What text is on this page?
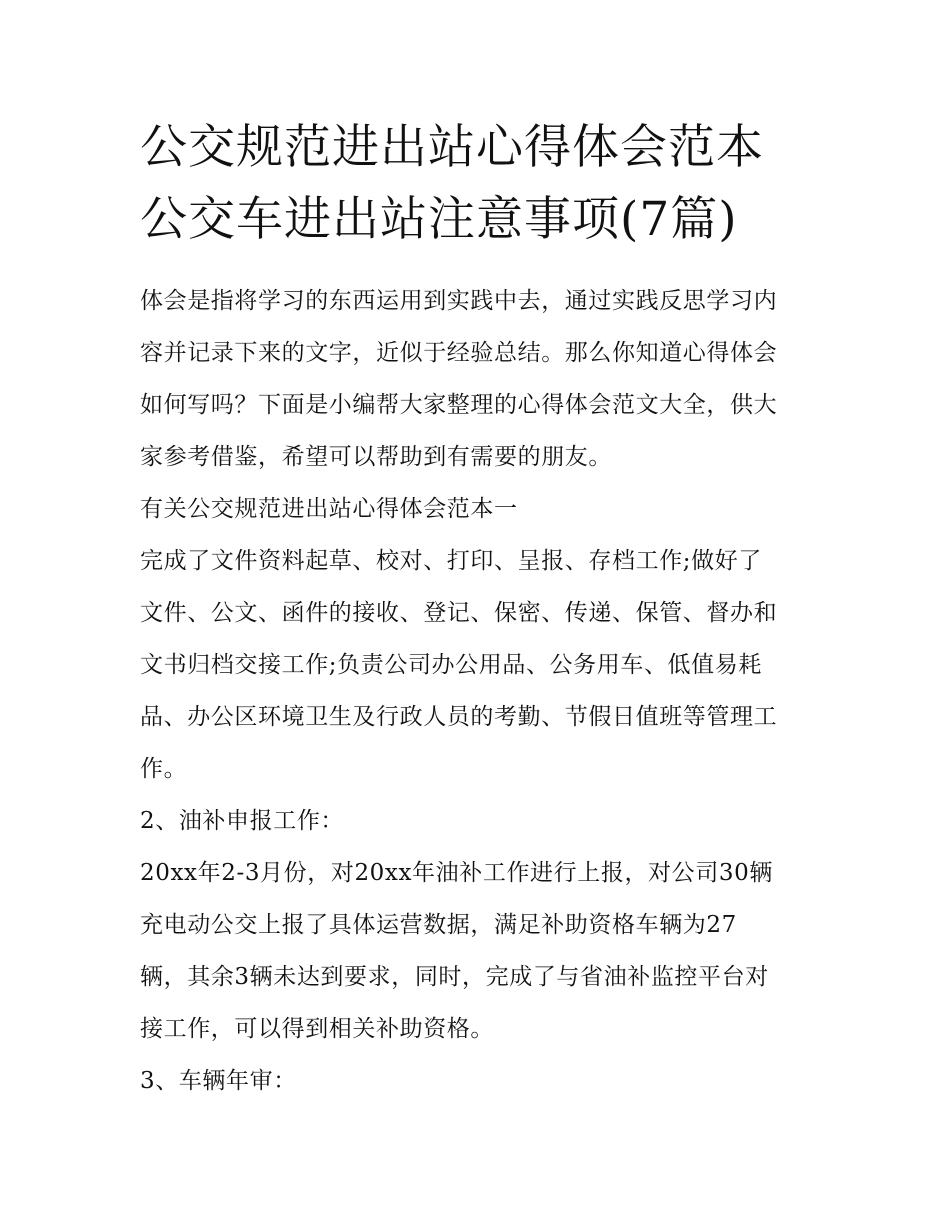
公交规范进出站心得体会范本
公交车进出站注意事项(7篇)
体会是指将学习的东西运用到实践中去，通过实践反思学习内
容并记录下来的文字，近似于经验总结。那么你知道心得体会
如何写吗？下面是小编帮大家整理的心得体会范文大全，供大
家参考借鉴，希望可以帮助到有需要的朋友。
有关公交规范进出站心得体会范本一
完成了文件资料起草、校对、打印、呈报、存档工作;做好了
文件、公文、函件的接收、登记、保密、传递、保管、督办和
文书归档交接工作;负责公司办公用品、公务用车、低值易耗
品、办公区环境卫生及行政人员的考勤、节假日值班等管理工
作。
2、油补申报工作：
20xx年2-3月份，对20xx年油补工作进行上报，对公司30辆
充电动公交上报了具体运营数据，满足补助资格车辆为27
辆，其余3辆未达到要求，同时，完成了与省油补监控平台对
接工作，可以得到相关补助资格。
3、车辆年审：
